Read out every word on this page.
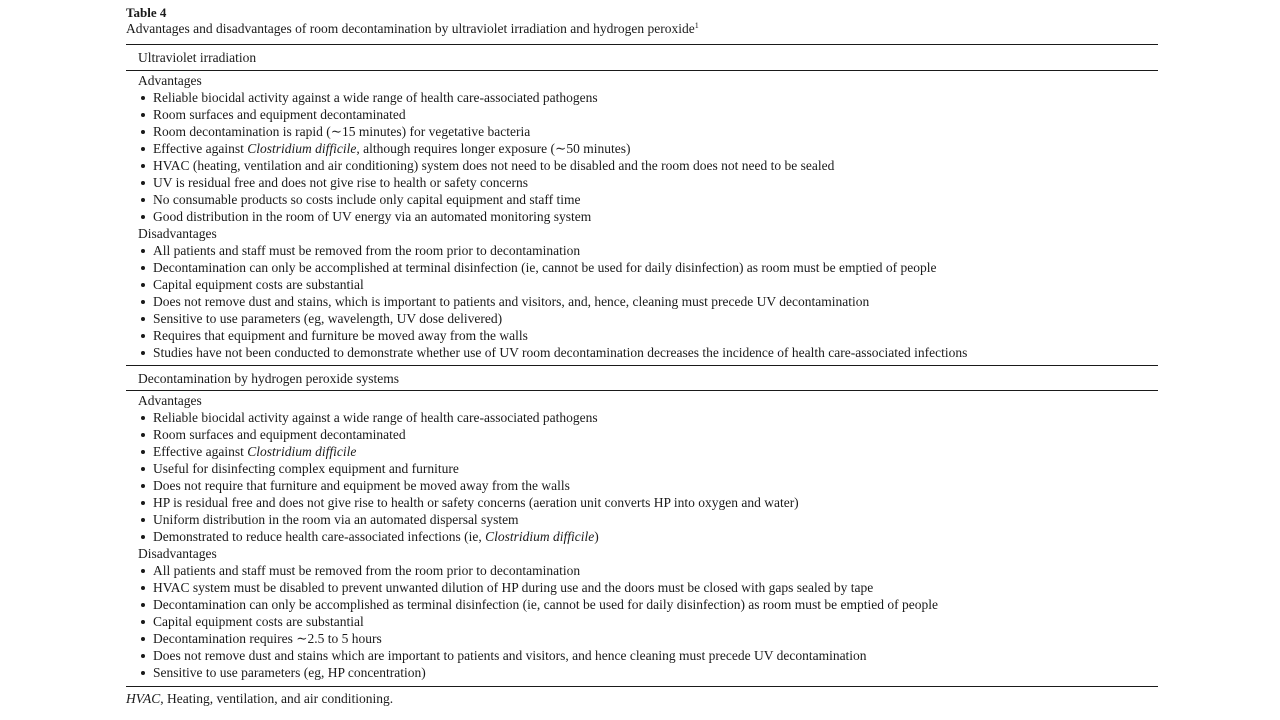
Table 4
Advantages and disadvantages of room decontamination by ultraviolet irradiation and hydrogen peroxide$^1$
Ultraviolet irradiation
Advantages
Reliable biocidal activity against a wide range of health care-associated pathogens
Room surfaces and equipment decontaminated
Room decontamination is rapid (∼15 minutes) for vegetative bacteria
Effective against Clostridium difficile, although requires longer exposure (∼50 minutes)
HVAC (heating, ventilation and air conditioning) system does not need to be disabled and the room does not need to be sealed
UV is residual free and does not give rise to health or safety concerns
No consumable products so costs include only capital equipment and staff time
Good distribution in the room of UV energy via an automated monitoring system
Disadvantages
All patients and staff must be removed from the room prior to decontamination
Decontamination can only be accomplished at terminal disinfection (ie, cannot be used for daily disinfection) as room must be emptied of people
Capital equipment costs are substantial
Does not remove dust and stains, which is important to patients and visitors, and, hence, cleaning must precede UV decontamination
Sensitive to use parameters (eg, wavelength, UV dose delivered)
Requires that equipment and furniture be moved away from the walls
Studies have not been conducted to demonstrate whether use of UV room decontamination decreases the incidence of health care-associated infections
Decontamination by hydrogen peroxide systems
Advantages
Reliable biocidal activity against a wide range of health care-associated pathogens
Room surfaces and equipment decontaminated
Effective against Clostridium difficile
Useful for disinfecting complex equipment and furniture
Does not require that furniture and equipment be moved away from the walls
HP is residual free and does not give rise to health or safety concerns (aeration unit converts HP into oxygen and water)
Uniform distribution in the room via an automated dispersal system
Demonstrated to reduce health care-associated infections (ie, Clostridium difficile)
Disadvantages
All patients and staff must be removed from the room prior to decontamination
HVAC system must be disabled to prevent unwanted dilution of HP during use and the doors must be closed with gaps sealed by tape
Decontamination can only be accomplished as terminal disinfection (ie, cannot be used for daily disinfection) as room must be emptied of people
Capital equipment costs are substantial
Decontamination requires ∼2.5 to 5 hours
Does not remove dust and stains which are important to patients and visitors, and hence cleaning must precede UV decontamination
Sensitive to use parameters (eg, HP concentration)
HVAC, Heating, ventilation, and air conditioning.
